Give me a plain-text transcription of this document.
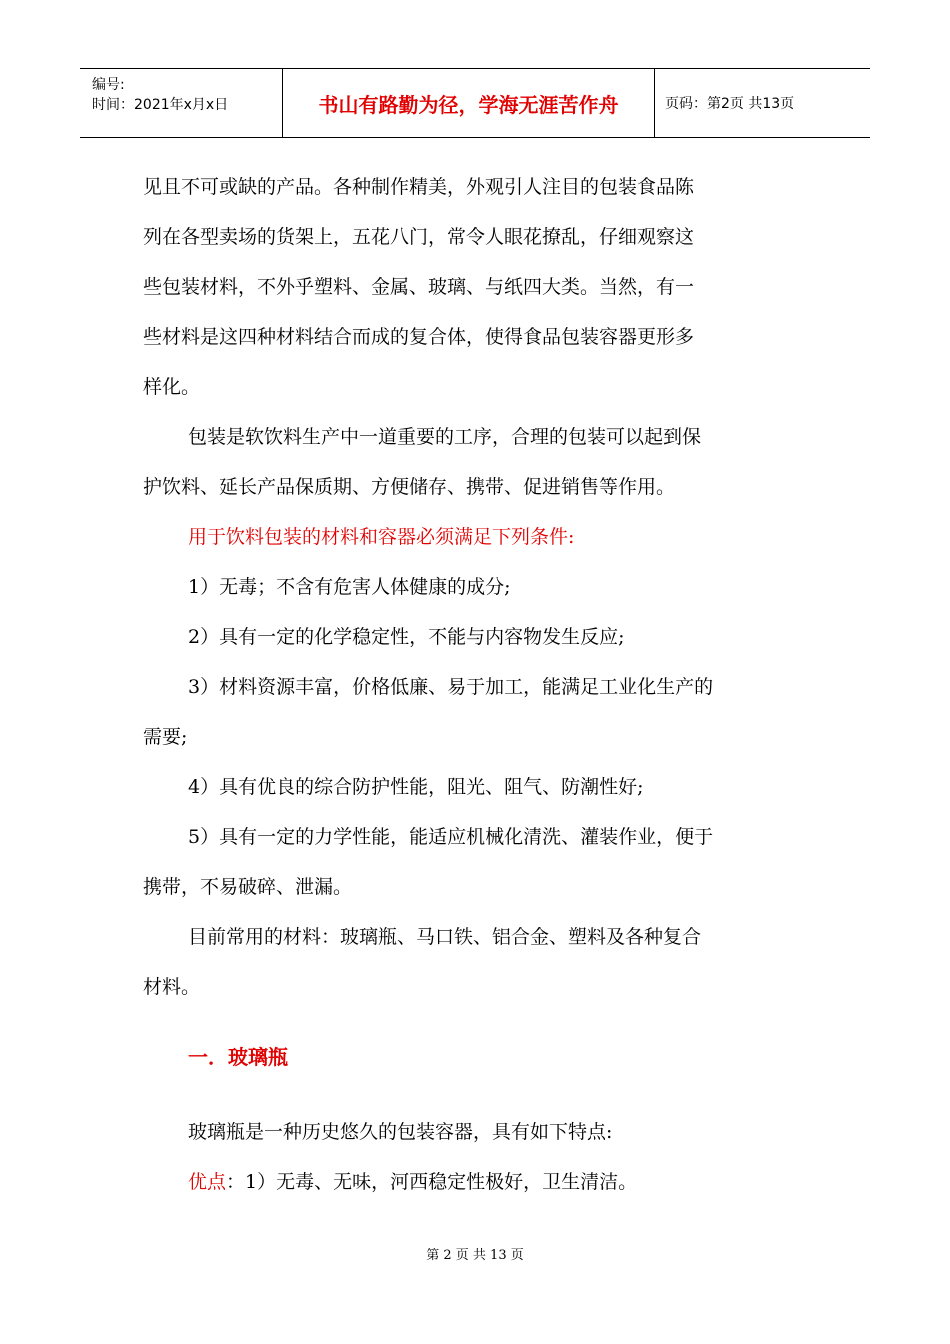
编号:
时间：2021年x月x日	书山有路勤为径，学海无涯苦作舟	页码：第2页 共13页
见且不可或缺的产品。各种制作精美，外观引人注目的包装食品陈
列在各型卖场的货架上，五花八门，常令人眼花撩乱，仔细观察这
些包装材料，不外乎塑料、金属、玻璃、与纸四大类。当然，有一
些材料是这四种材料结合而成的复合体，使得食品包装容器更形多
样化。
包装是软饮料生产中一道重要的工序，合理的包装可以起到保
护饮料、延长产品保质期、方便储存、携带、促进销售等作用。
用于饮料包装的材料和容器必须满足下列条件:
1）无毒；不含有危害人体健康的成分;
2）具有一定的化学稳定性，不能与内容物发生反应;
3）材料资源丰富，价格低廉、易于加工，能满足工业化生产的
需要;
4）具有优良的综合防护性能，阻光、阻气、防潮性好;
5）具有一定的力学性能，能适应机械化清洗、灌装作业，便于
携带，不易破碎、泄漏。
目前常用的材料：玻璃瓶、马口铁、铝合金、塑料及各种复合
材料。
一．玻璃瓶
玻璃瓶是一种历史悠久的包装容器，具有如下特点:
优点：1）无毒、无味，河西稳定性极好，卫生清洁。
第 2 页 共 13 页
